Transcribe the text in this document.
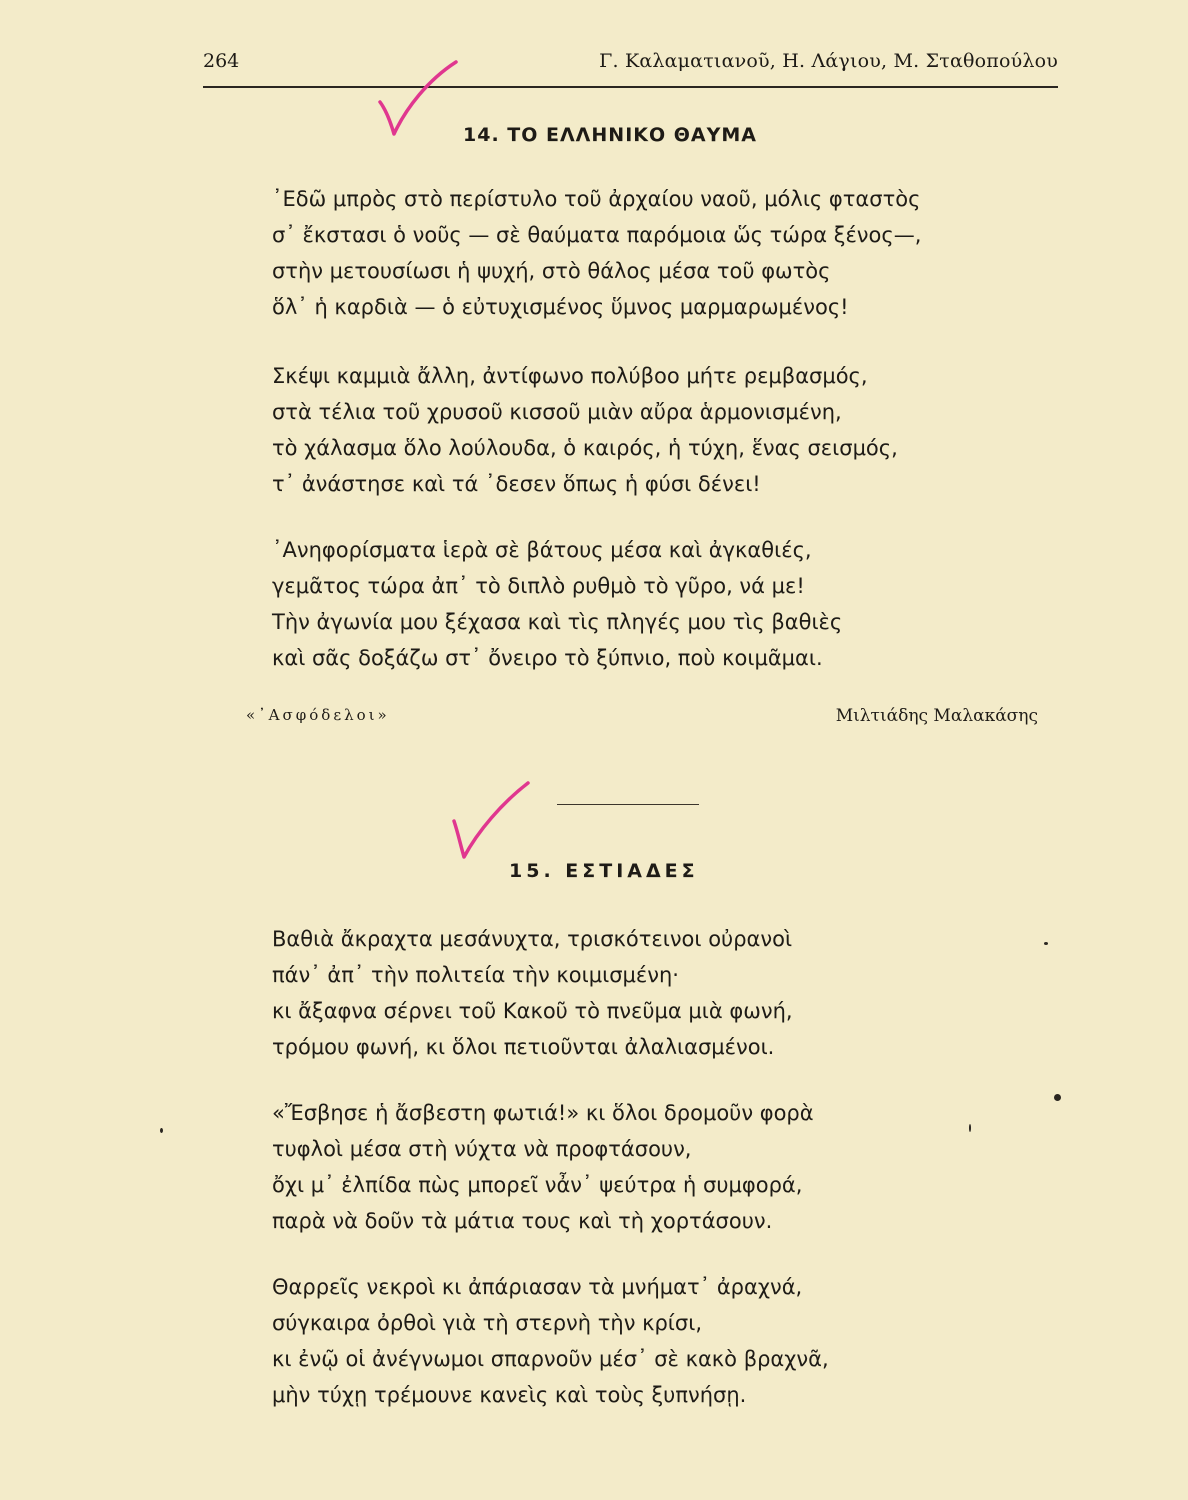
264	Γ. Καλαματιανοῦ, Η. Λάγιου, Μ. Σταθοπούλου
14. ΤΟ ΕΛΛΗΝΙΚΟ ΘΑΥΜΑ
᾿Εδῶ μπρὸς στὸ περίστυλο τοῦ ἀρχαίου ναοῦ, μόλις φταστὸς
σ᾿ ἔκστασι ὁ νοῦς — σὲ θαύματα παρόμοια ὥς τώρα ξένος—,
στὴν μετουσίωσι ἡ ψυχή, στὸ θάλος μέσα τοῦ φωτὸς
ὅλ᾿ ἡ καρδιὰ — ὁ εὐτυχισμένος ὕμνος μαρμαρωμένος!
Σκέψι καμμιὰ ἄλλη, ἀντίφωνο πολύβοο μήτε ρεμβασμός,
στὰ τέλια τοῦ χρυσοῦ κισσοῦ μιὰν αὔρα ἁρμονισμένη,
τὸ χάλασμα ὅλο λούλουδα, ὁ καιρός, ἡ τύχη, ἕνας σεισμός,
τ᾿ ἀνάστησε καὶ τά ᾿δεσεν ὅπως ἡ φύσι δένει!
᾿Ανηφορίσματα ἱερὰ σὲ βάτους μέσα καὶ ἀγκαθιές,
γεμᾶτος τώρα ἀπ᾿ τὸ διπλὸ ρυθμὸ τὸ γῦρο, νά με!
Τὴν ἀγωνία μου ξέχασα καὶ τὶς πληγές μου τὶς βαθιὲς
καὶ σᾶς δοξάζω στ᾿ ὄνειρο τὸ ξύπνιο, ποὺ κοιμᾶμαι.
«᾿Ασφόδελοι»	Μιλτιάδης Μαλακάσης
15. ΕΣΤΙΑΔΕΣ
Βαθιὰ ἄκραχτα μεσάνυχτα, τρισκότεινοι οὐρανοὶ
πάν᾿ ἀπ᾿ τὴν πολιτεία τὴν κοιμισμένη·
κι ἄξαφνα σέρνει τοῦ Κακοῦ τὸ πνεῦμα μιὰ φωνή,
τρόμου φωνή, κι ὅλοι πετιοῦνται ἀλαλιασμένοι.
«Ἔσβησε ἡ ἄσβεστη φωτιά!» κι ὅλοι δρομοῦν φορὰ
τυφλοὶ μέσα στὴ νύχτα νὰ προφτάσουν,
ὄχι μ᾿ ἐλπίδα πὼς μπορεῖ νἆν᾿ ψεύτρα ἡ συμφορά,
παρὰ νὰ δοῦν τὰ μάτια τους καὶ τὴ χορτάσουν.
Θαρρεῖς νεκροὶ κι ἀπάριασαν τὰ μνήματ᾿ ἀραχνά,
σύγκαιρα ὀρθοὶ γιὰ τὴ στερνὴ τὴν κρίσι,
κι ἐνῷ οἱ ἀνέγνωμοι σπαρνοῦν μέσ᾿ σὲ κακὸ βραχνᾶ,
μὴν τύχῃ τρέμουνε κανεὶς καὶ τοὺς ξυπνήσῃ.
